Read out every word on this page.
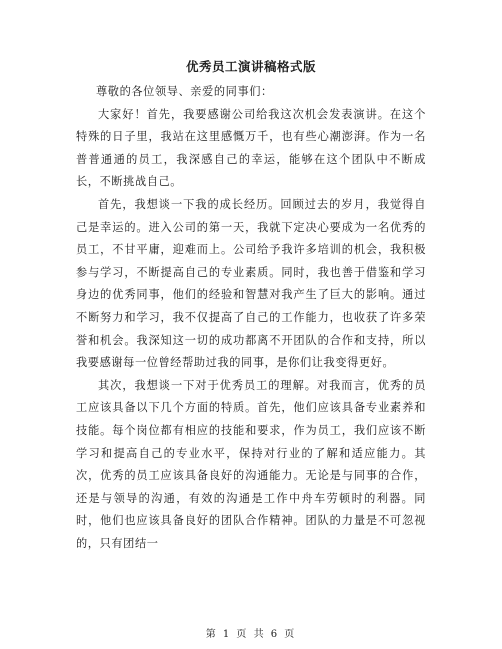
优秀员工演讲稿格式版

尊敬的各位领导、亲爱的同事们：

大家好！首先，我要感谢公司给我这次机会发表演讲。在这个特殊的日子里，我站在这里感慨万千，也有些心潮澎湃。作为一名普普通通的员工，我深感自己的幸运，能够在这个团队中不断成长，不断挑战自己。

首先，我想谈一下我的成长经历。回顾过去的岁月，我觉得自己是幸运的。进入公司的第一天，我就下定决心要成为一名优秀的员工，不甘平庸，迎难而上。公司给予我许多培训的机会，我积极参与学习，不断提高自己的专业素质。同时，我也善于借鉴和学习身边的优秀同事，他们的经验和智慧对我产生了巨大的影响。通过不断努力和学习，我不仅提高了自己的工作能力，也收获了许多荣誉和机会。我深知这一切的成功都离不开团队的合作和支持，所以我要感谢每一位曾经帮助过我的同事，是你们让我变得更好。

其次，我想谈一下对于优秀员工的理解。对我而言，优秀的员工应该具备以下几个方面的特质。首先，他们应该具备专业素养和技能。每个岗位都有相应的技能和要求，作为员工，我们应该不断学习和提高自己的专业水平，保持对行业的了解和适应能力。其次，优秀的员工应该具备良好的沟通能力。无论是与同事的合作，还是与领导的沟通，有效的沟通是工作中舟车劳顿时的利器。同时，他们也应该具备良好的团队合作精神。团队的力量是不可忽视的，只有团结一

第 1 页 共 6 页
